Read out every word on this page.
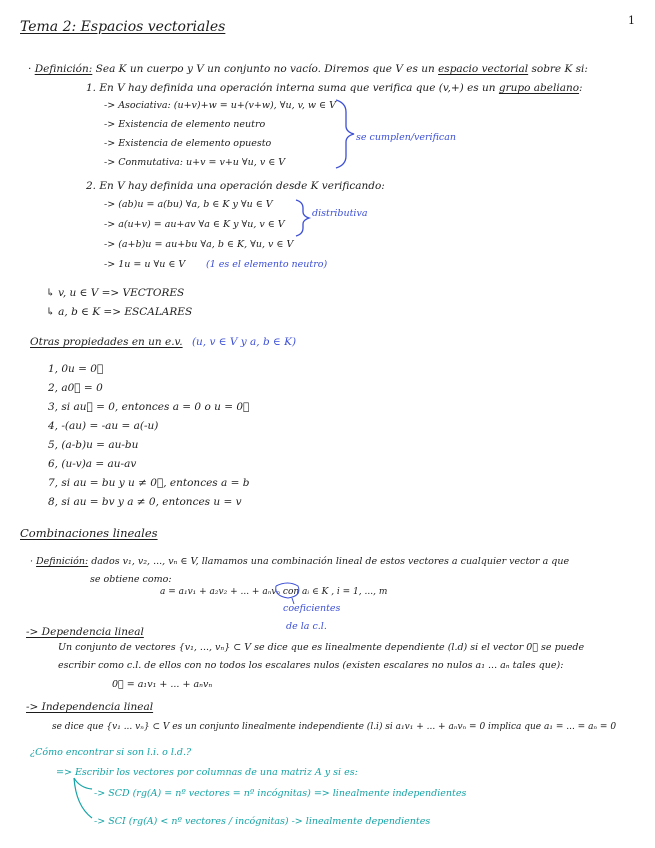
1
Tema 2: Espacios vectoriales
· Definición: Sea K un cuerpo y V un conjunto no vacío. Diremos que V es un espacio vectorial sobre K si:
1. En V hay definida una operación interna suma que verifica que (v,+) es un grupo abeliano:
-> Asociativa: (u+v)+w = u+(v+w), ∀u, v, w ∈ V
-> Existencia de elemento neutro
-> Existencia de elemento opuesto
-> Conmutativa: u+v = v+u ∀u, v ∈ V
se cumplen/verifican
2. En V hay definida una operación desde K verificando:
-> (ab)u = a(bu) ∀a, b ∈ K y ∀u ∈ V
-> a(u+v) = au+av ∀a ∈ K y ∀u, v ∈ V
-> (a+b)u = au+bu ∀a, b ∈ K, ∀u, v ∈ V
-> 1u = u ∀u ∈ V
distributiva
(1 es el elemento neutro)
↳ v, u ∈ V => VECTORES
↳ a, b ∈ K => ESCALARES
Otras propiedades en un e.v. (u, v ∈ V y a, b ∈ K)
1, 0u = 0⃗
2, a0⃗ = 0
3, si au⃗ = 0, entonces a = 0 o u = 0⃗
4, -(au) = -au = a(-u)
5, (a-b)u = au-bu
6, (u-v)a = au-av
7, si au = bu y u ≠ 0⃗, entonces a = b
8, si au = bv y a ≠ 0, entonces u = v
Combinaciones lineales
· Definición: dados v₁, v₂, ..., vₙ ∈ V, llamamos una combinación lineal de estos vectores a cualquier vector a que
se obtiene como:
a = a₁v₁ + a₂v₂ + ... + aₙvₙ con aᵢ ∈ K , i = 1, ..., m
coeficientes
de la c.l.
-> Dependencia lineal
Un conjunto de vectores {v₁, ..., vₙ} ⊂ V se dice que es linealmente dependiente (l.d) si el vector 0⃗ se puede
escribir como c.l. de ellos con no todos los escalares nulos (existen escalares no nulos a₁ ... aₙ tales que):
0⃗ = a₁v₁ + ... + aₙvₙ
-> Independencia lineal
se dice que {v₁ ... vₙ} ⊂ V es un conjunto linealmente independiente (l.i) si a₁v₁ + ... + aₙvₙ = 0 implica que a₁ = ... = aₙ = 0
¿Cómo encontrar si son l.i. o l.d.?
=> Escribir los vectores por columnas de una matriz A y si es:
-> SCD (rg(A) = nº vectores = nº incógnitas) => linealmente independientes
-> SCI (rg(A) < nº vectores / incógnitas) -> linealmente dependientes
